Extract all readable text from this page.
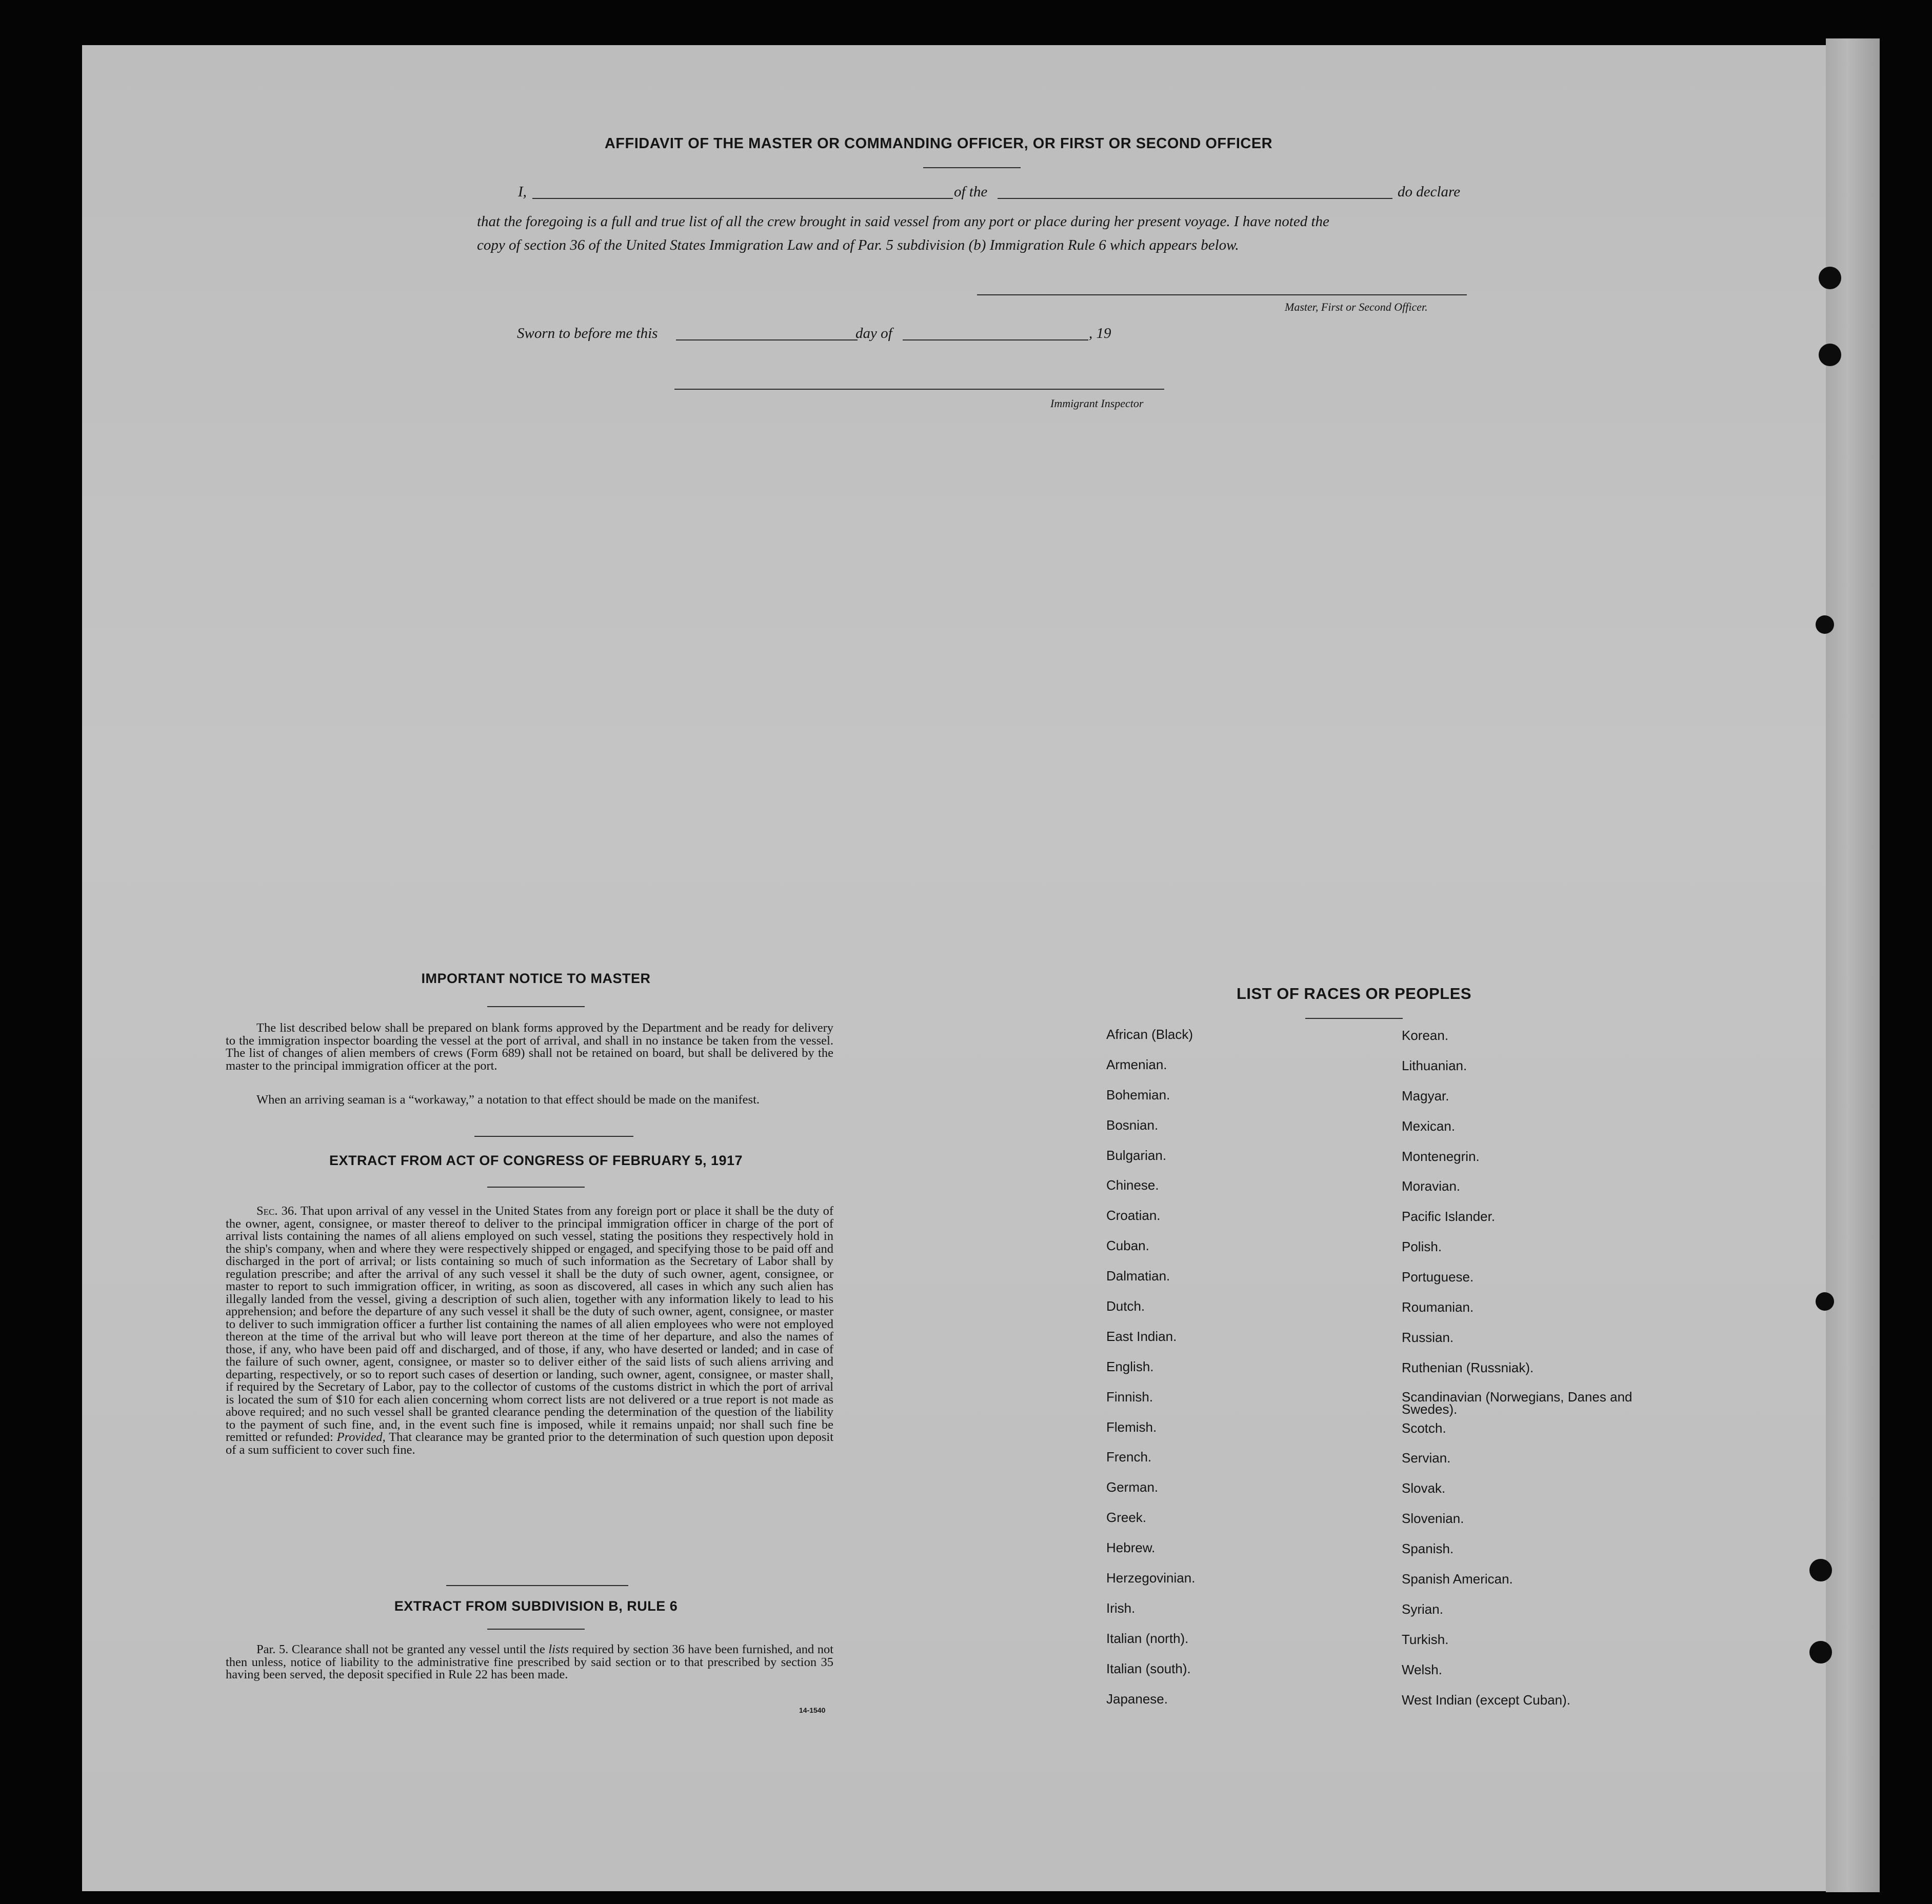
AFFIDAVIT OF THE MASTER OR COMMANDING OFFICER, OR FIRST OR SECOND OFFICER
I,	of the	do declare
that the foregoing is a full and true list of all the crew brought in said vessel from any port or place during her present voyage. I have noted the
copy of section 36 of the United States Immigration Law and of Par. 5 subdivision (b) Immigration Rule 6 which appears below.
Master, First or Second Officer.
Sworn to before me this	day of	, 19
Immigrant Inspector
IMPORTANT NOTICE TO MASTER
The list described below shall be prepared on blank forms approved by the Department and be ready for delivery to the immigration inspector boarding the vessel at the port of arrival, and shall in no instance be taken from the vessel. The list of changes of alien members of crews (Form 689) shall not be retained on board, but shall be delivered by the master to the principal immigration officer at the port.
When an arriving seaman is a “workaway,” a notation to that effect should be made on the manifest.
EXTRACT FROM ACT OF CONGRESS OF FEBRUARY 5, 1917
Sec. 36. That upon arrival of any vessel in the United States from any foreign port or place it shall be the duty of the owner, agent, consignee, or master thereof to deliver to the principal immigration officer in charge of the port of arrival lists containing the names of all aliens employed on such vessel, stating the positions they respectively hold in the ship's company, when and where they were respectively shipped or engaged, and specifying those to be paid off and discharged in the port of arrival; or lists containing so much of such information as the Secretary of Labor shall by regulation prescribe; and after the arrival of any such vessel it shall be the duty of such owner, agent, consignee, or master to report to such immigration officer, in writing, as soon as discovered, all cases in which any such alien has illegally landed from the vessel, giving a description of such alien, together with any information likely to lead to his apprehension; and before the departure of any such vessel it shall be the duty of such owner, agent, consignee, or master to deliver to such immigration officer a further list containing the names of all alien employees who were not employed thereon at the time of the arrival but who will leave port thereon at the time of her departure, and also the names of those, if any, who have been paid off and discharged, and of those, if any, who have deserted or landed; and in case of the failure of such owner, agent, consignee, or master so to deliver either of the said lists of such aliens arriving and departing, respectively, or so to report such cases of desertion or landing, such owner, agent, consignee, or master shall, if required by the Secretary of Labor, pay to the collector of customs of the customs district in which the port of arrival is located the sum of $10 for each alien concerning whom correct lists are not delivered or a true report is not made as above required; and no such vessel shall be granted clearance pending the determination of the question of the liability to the payment of such fine, and, in the event such fine is imposed, while it remains unpaid; nor shall such fine be remitted or refunded: Provided, That clearance may be granted prior to the determination of such question upon deposit of a sum sufficient to cover such fine.
EXTRACT FROM SUBDIVISION B, RULE 6
Par. 5. Clearance shall not be granted any vessel until the lists required by section 36 have been furnished, and not then unless, notice of liability to the administrative fine prescribed by said section or to that prescribed by section 35 having been served, the deposit specified in Rule 22 has been made.
14-1540
LIST OF RACES OR PEOPLES
African (Black)
Armenian.
Bohemian.
Bosnian.
Bulgarian.
Chinese.
Croatian.
Cuban.
Dalmatian.
Dutch.
East Indian.
English.
Finnish.
Flemish.
French.
German.
Greek.
Hebrew.
Herzegovinian.
Irish.
Italian (north).
Italian (south).
Japanese.
Korean.
Lithuanian.
Magyar.
Mexican.
Montenegrin.
Moravian.
Pacific Islander.
Polish.
Portuguese.
Roumanian.
Russian.
Ruthenian (Russniak).
Scandinavian (Norwegians, Danes and Swedes).
Scotch.
Servian.
Slovak.
Slovenian.
Spanish.
Spanish American.
Syrian.
Turkish.
Welsh.
West Indian (except Cuban).
